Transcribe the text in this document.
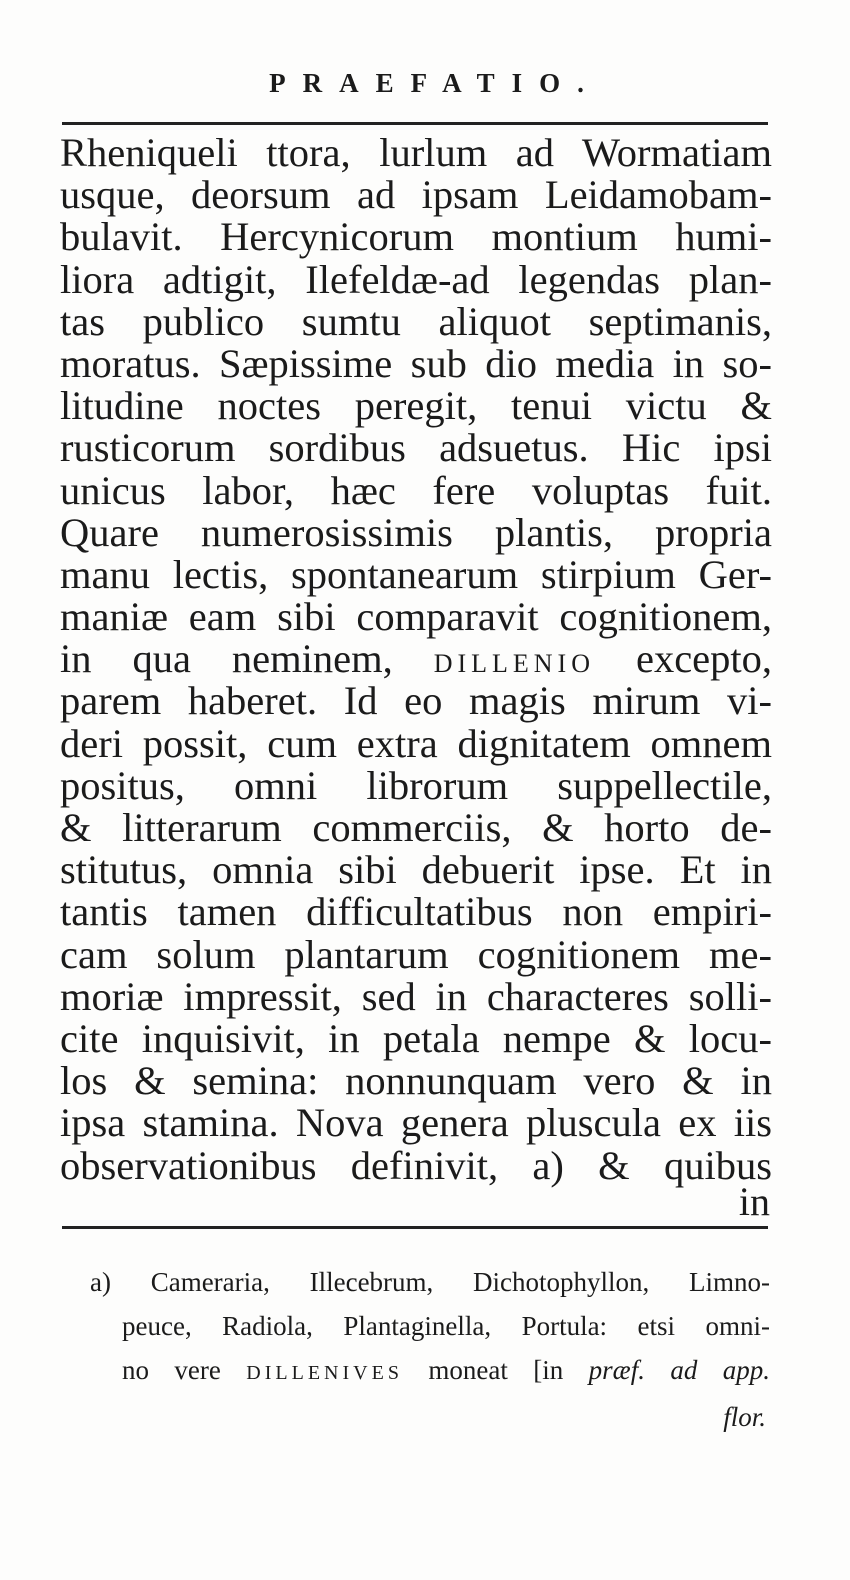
PRAEFATIO.
Rheniqueli ttora, lurlum ad Wormatiam
usque, deorsum ad ipsam Leidamobam-
bulavit. Hercynicorum montium humi-
liora adtigit, Ilefeldæ-ad legendas plan-
tas publico sumtu aliquot septimanis,
moratus. Sæpissime sub dio media in so-
litudine noctes peregit, tenui victu &
rusticorum sordibus adsuetus. Hic ipsi
unicus labor, hæc fere voluptas fuit.
Quare numerosissimis plantis, propria
manu lectis, spontanearum stirpium Ger-
maniæ eam sibi comparavit cognitionem,
in qua neminem, DILLENIO excepto,
parem haberet. Id eo magis mirum vi-
deri possit, cum extra dignitatem omnem
positus, omni librorum suppellectile,
& litterarum commerciis, & horto de-
stitutus, omnia sibi debuerit ipse. Et in
tantis tamen difficultatibus non empiri-
cam solum plantarum cognitionem me-
moriæ impressit, sed in characteres solli-
cite inquisivit, in petala nempe & locu-
los & semina: nonnunquam vero & in
ipsa stamina. Nova genera pluscula ex iis
observationibus definivit, a) & quibus
in
a) Cameraria, Illecebrum, Dichotophyllon, Limno-
peuce, Radiola, Plantaginella, Portula: etsi omni-
no vere DILLENIVES moneat [in præf. ad app.
flor.
